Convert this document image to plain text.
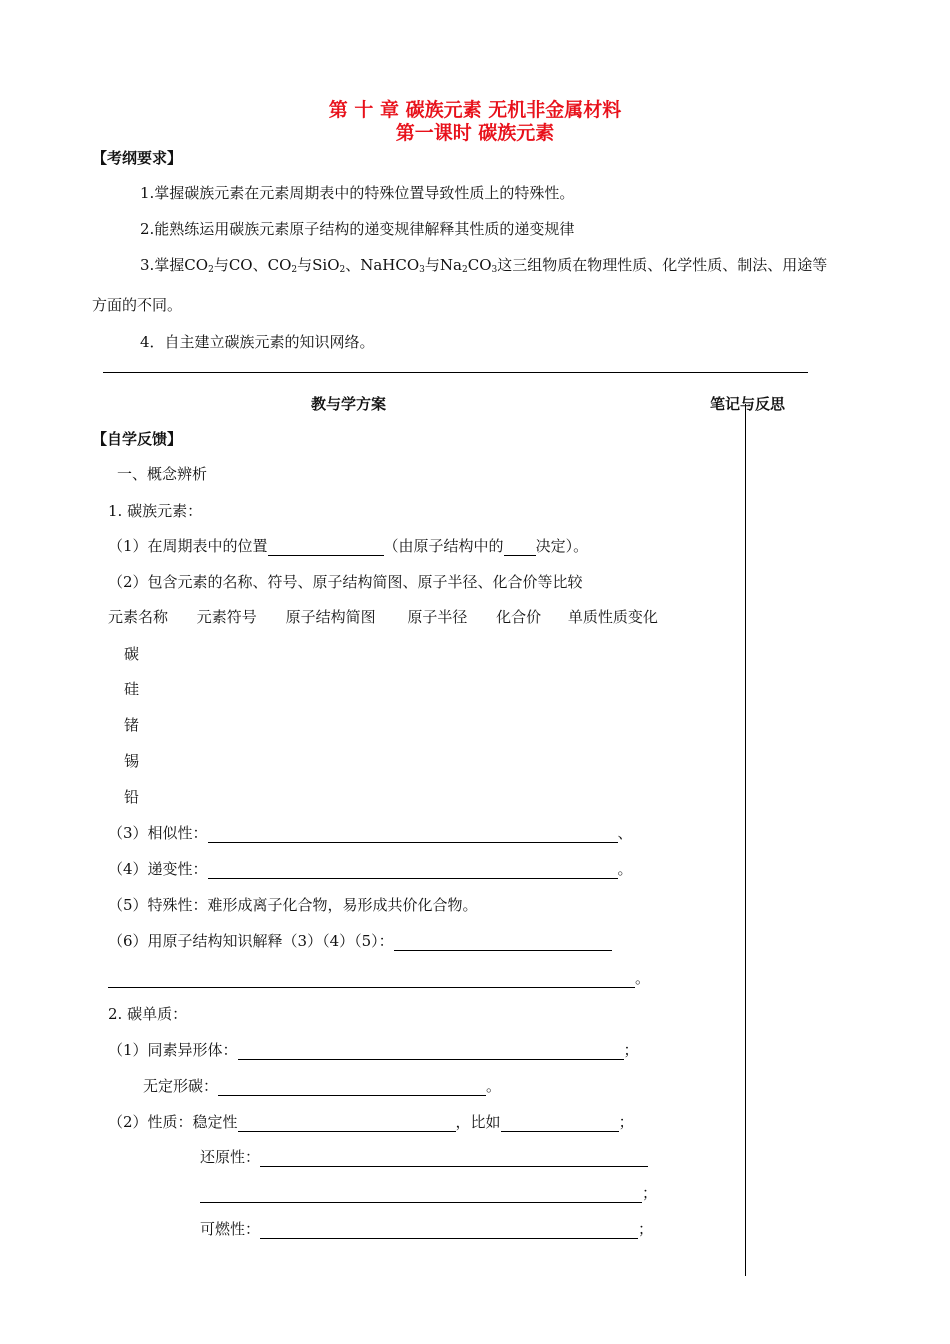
第 十 章 碳族元素 无机非金属材料
第一课时 碳族元素
【考纲要求】
1.掌握碳族元素在元素周期表中的特殊位置导致性质上的特殊性。
2.能熟练运用碳族元素原子结构的递变规律解释其性质的递变规律
3.掌握$CO_2$与CO、$CO_2$与SiO$_2$、NaHCO$_3$与$Na_2CO_3$这三组物质在物理性质、化学性质、制法、用途等
方面的不同。
4．自主建立碳族元素的知识网络。
教与学方案	笔记与反思
【自学反馈】
一、概念辨析
1. 碳族元素：
（1）在周期表中的位置	（由原子结构中的 决定）。
（2）包含元素的名称、符号、原子结构简图、原子半径、化合价等比较
元素名称 元素符号 原子结构简图 原子半径 化合价 单质性质变化
碳
硅
锗
锡
铅
（3）相似性：	、
（4）递变性：	。
（5）特殊性：难形成离子化合物，易形成共价化合物。
（6）用原子结构知识解释（3）（4）（5）：
。
2. 碳单质：
（1）同素异形体：	；
无定形碳：	。
（2）性质：稳定性	，比如	；
还原性：
；
可燃性：	；
